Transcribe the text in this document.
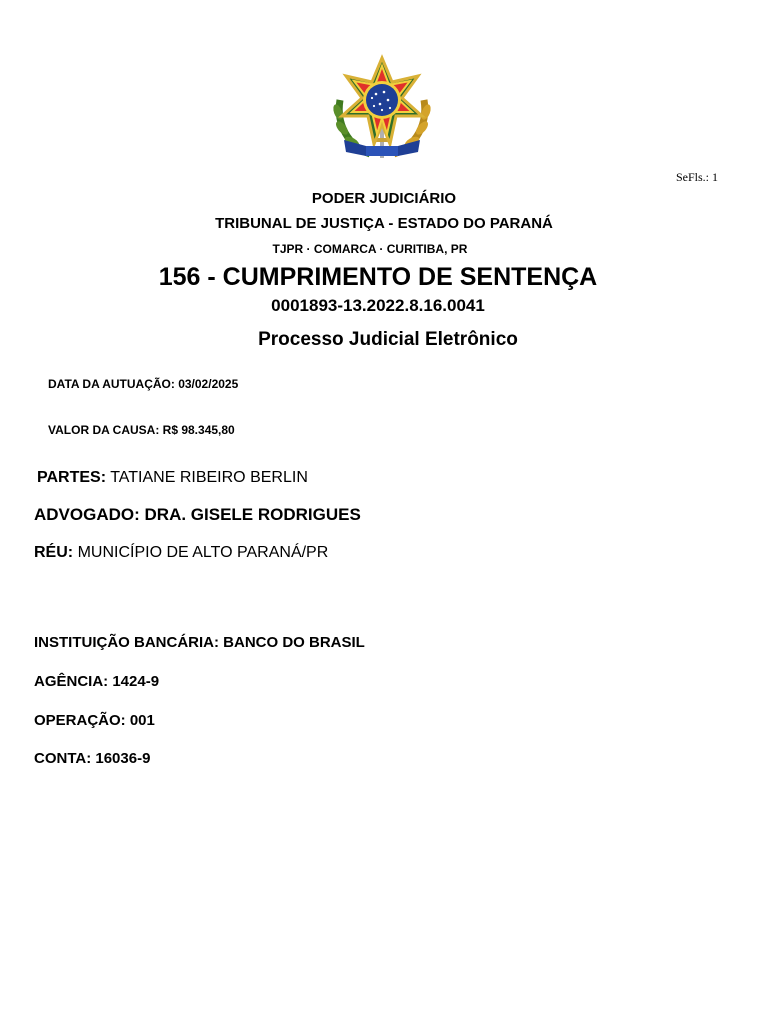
SeFls.: 1
PODER JUDICIÁRIO
TRIBUNAL DE JUSTIÇA - ESTADO DO PARANÁ
TJPR · COMARCA · CURITIBA, PR
156 - CUMPRIMENTO DE SENTENÇA
0001893-13.2022.8.16.0041
Processo Judicial Eletrônico
DATA DA AUTUAÇÃO: 03/02/2025
VALOR DA CAUSA: R$ 98.345,80
PARTES: TATIANE RIBEIRO BERLIN
ADVOGADO: DRA. GISELE RODRIGUES
RÉU: MUNICÍPIO DE ALTO PARANÁ/PR
INSTITUIÇÃO BANCÁRIA: BANCO DO BRASIL
AGÊNCIA: 1424-9
OPERAÇÃO: 001
CONTA: 16036-9
